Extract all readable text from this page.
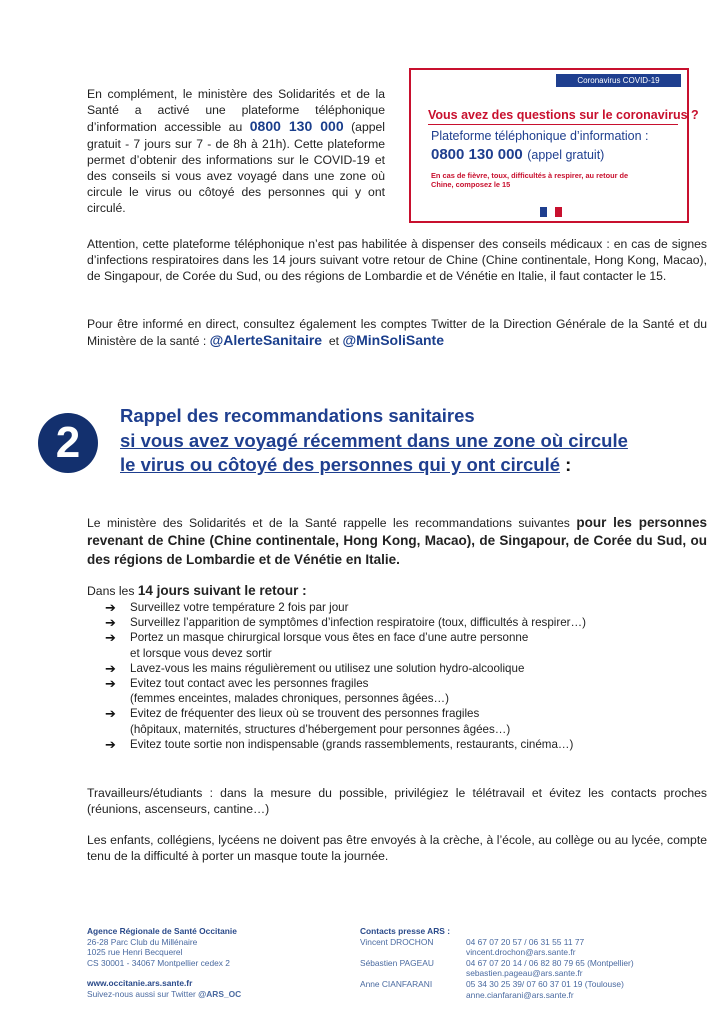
En complément, le ministère des Solidarités et de la Santé a activé une plateforme téléphonique d’information accessible au 0800 130 000 (appel gratuit - 7 jours sur 7 - de 8h à 21h). Cette plateforme permet d’obtenir des informations sur le COVID-19 et des conseils si vous avez voyagé dans une zone où circule le virus ou côtoyé des personnes qui y ont circulé.
Coronavirus COVID-19
Vous avez des questions sur le coronavirus ?
Plateforme téléphonique d’information :
0800 130 000 (appel gratuit)
En cas de fièvre, toux, difficultés à respirer, au retour de Chine, composez le 15
Attention, cette plateforme téléphonique n’est pas habilitée à dispenser des conseils médicaux : en cas de signes d’infections respiratoires dans les 14 jours suivant votre retour de Chine (Chine continentale, Hong Kong, Macao), de Singapour, de Corée du Sud, ou des régions de Lombardie et de Vénétie en Italie, il faut contacter le 15.
Pour être informé en direct, consultez également les comptes Twitter de la Direction Générale de la Santé et du Ministère de la santé : @AlerteSanitaire et @MinSoliSante
2
Rappel des recommandations sanitaires
si vous avez voyagé récemment dans une zone où circule
le virus ou côtoyé des personnes qui y ont circulé :
Le ministère des Solidarités et de la Santé rappelle les recommandations suivantes pour les personnes revenant de Chine (Chine continentale, Hong Kong, Macao), de Singapour, de Corée du Sud, ou des régions de Lombardie et de Vénétie en Italie.
Dans les 14 jours suivant le retour :
➔ Surveillez votre température 2 fois par jour
➔ Surveillez l’apparition de symptômes d’infection respiratoire (toux, difficultés à respirer…)
➔ Portez un masque chirurgical lorsque vous êtes en face d’une autre personne
et lorsque vous devez sortir
➔ Lavez-vous les mains régulièrement ou utilisez une solution hydro-alcoolique
➔ Evitez tout contact avec les personnes fragiles
(femmes enceintes, malades chroniques, personnes âgées…)
➔ Evitez de fréquenter des lieux où se trouvent des personnes fragiles
(hôpitaux, maternités, structures d’hébergement pour personnes âgées…)
➔ Evitez toute sortie non indispensable (grands rassemblements, restaurants, cinéma…)
Travailleurs/étudiants : dans la mesure du possible, privilégiez le télétravail et évitez les contacts proches (réunions, ascenseurs, cantine…)
Les enfants, collégiens, lycéens ne doivent pas être envoyés à la crèche, à l’école, au collège ou au lycée, compte tenu de la difficulté à porter un masque toute la journée.
Agence Régionale de Santé Occitanie
26-28 Parc Club du Millénaire
1025 rue Henri Becquerel
CS 30001 - 34067 Montpellier cedex 2
www.occitanie.ars.sante.fr
Suivez-nous aussi sur Twitter @ARS_OC
Contacts presse ARS :
Vincent DROCHON
Sébastien PAGEAU
Anne CIANFARANI
04 67 07 20 57 / 06 31 55 11 77
vincent.drochon@ars.sante.fr
04 67 07 20 14 / 06 82 80 79 65 (Montpellier)
sebastien.pageau@ars.sante.fr
05 34 30 25 39/ 07 60 37 01 19 (Toulouse)
anne.cianfarani@ars.sante.fr
